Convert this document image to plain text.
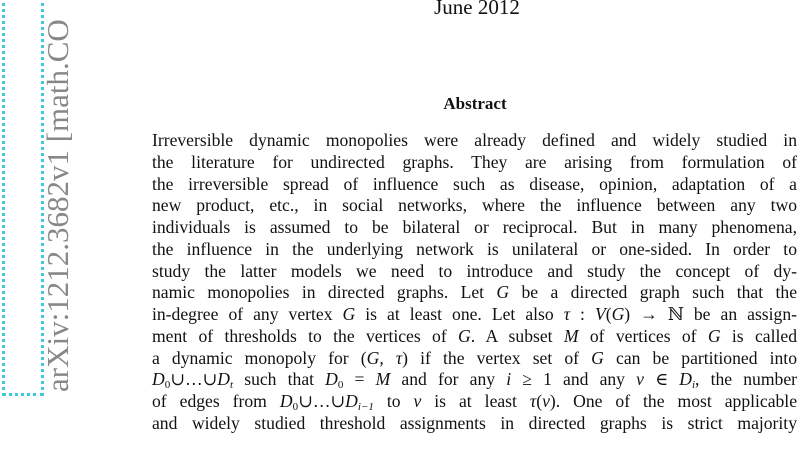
arXiv:1212.3682v1 [math.CO
June 2012
Abstract
Irreversible dynamic monopolies were already defined and widely studied in
the literature for undirected graphs. They are arising from formulation of
the irreversible spread of influence such as disease, opinion, adaptation of a
new product, etc., in social networks, where the influence between any two
individuals is assumed to be bilateral or reciprocal. But in many phenomena,
the influence in the underlying network is unilateral or one-sided. In order to
study the latter models we need to introduce and study the concept of dy-
namic monopolies in directed graphs. Let G be a directed graph such that the
in-degree of any vertex G is at least one. Let also τ : V(G) → ℕ be an assign-
ment of thresholds to the vertices of G. A subset M of vertices of G is called
a dynamic monopoly for (G, τ) if the vertex set of G can be partitioned into
$D_0\cup\dots\cup D_t$ such that $D_0 = M$ and for any i ≥ 1 and any v ∈ $D_i$, the number
of edges from $D_0\cup\dots\cup D_{i-1}$ to v is at least τ(v). One of the most applicable
and widely studied threshold assignments in directed graphs is strict majority
